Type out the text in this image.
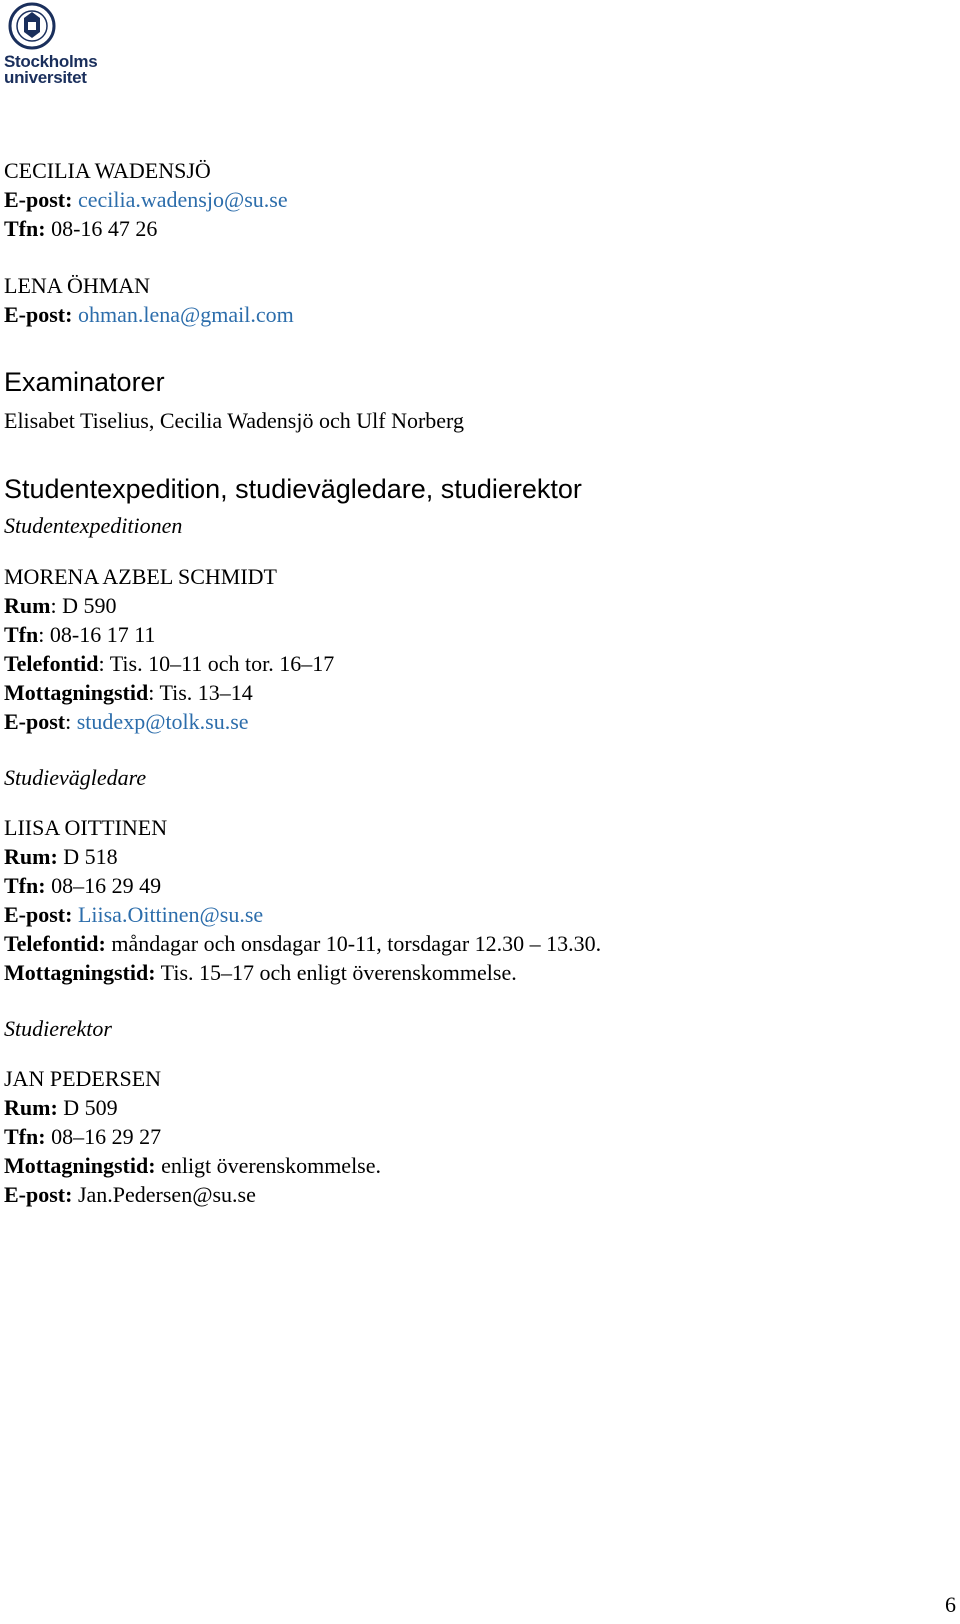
Stockholms
universitet
CECILIA WADENSJÖ
E-post: cecilia.wadensjo@su.se
Tfn: 08-16 47 26
LENA ÖHMAN
E-post: ohman.lena@gmail.com
Examinatorer
Elisabet Tiselius, Cecilia Wadensjö och Ulf Norberg
Studentexpedition, studievägledare, studierektor
Studentexpeditionen
MORENA AZBEL SCHMIDT
Rum: D 590
Tfn: 08-16 17 11
Telefontid: Tis. 10–11 och tor. 16–17
Mottagningstid: Tis. 13–14
E-post: studexp@tolk.su.se
Studievägledare
LIISA OITTINEN
Rum: D 518
Tfn: 08–16 29 49
E-post: Liisa.Oittinen@su.se
Telefontid: måndagar och onsdagar 10-11, torsdagar 12.30 – 13.30.
Mottagningstid: Tis. 15–17 och enligt överenskommelse.
Studierektor
JAN PEDERSEN
Rum: D 509
Tfn: 08–16 29 27
Mottagningstid: enligt överenskommelse.
E-post: Jan.Pedersen@su.se
6
